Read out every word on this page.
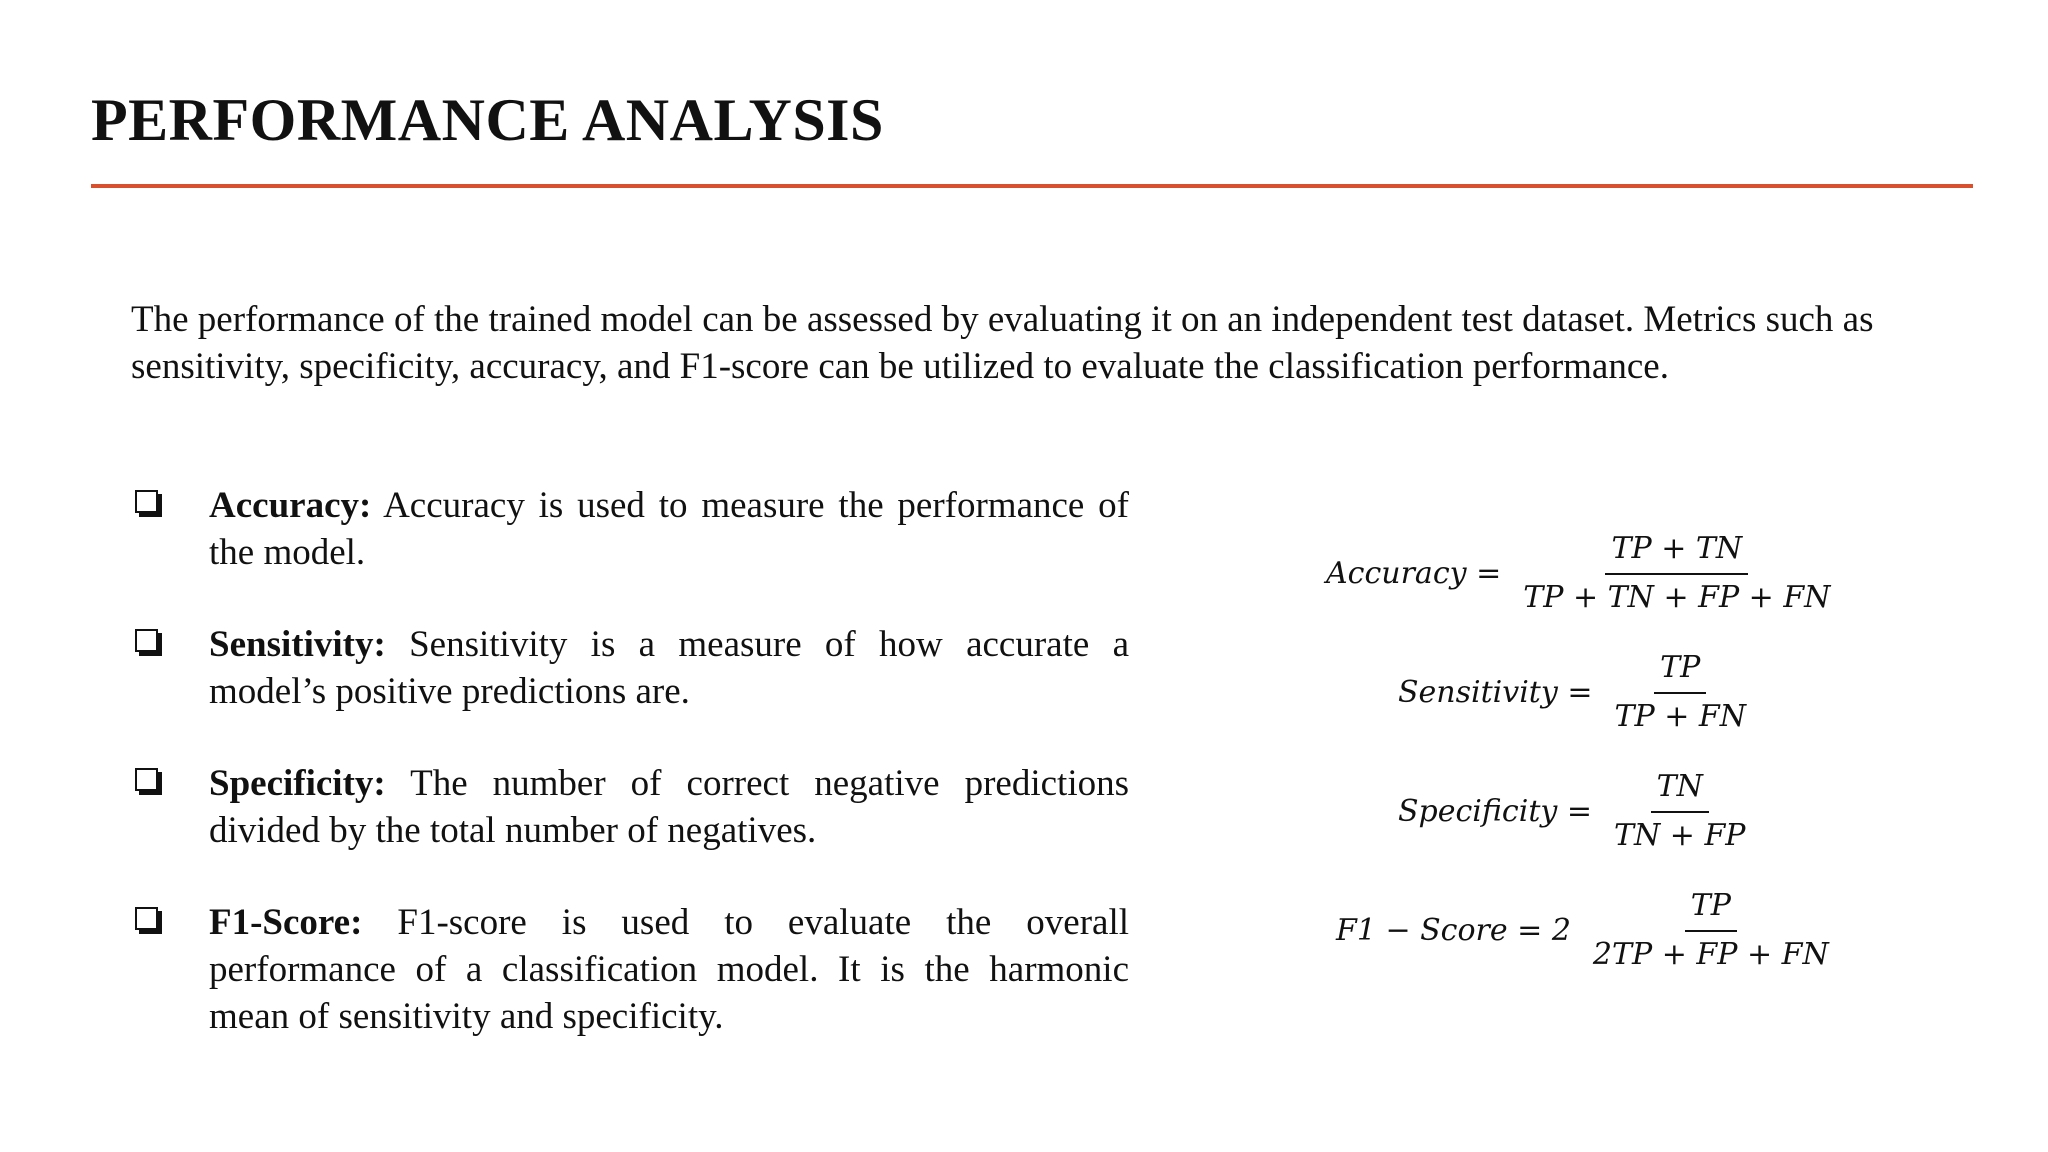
PERFORMANCE ANALYSIS
The performance of the trained model can be assessed by evaluating it on an independent test dataset. Metrics such as sensitivity, specificity, accuracy, and F1-score can be utilized to evaluate the classification performance.
Accuracy: Accuracy is used to measure the performance of the model.
Sensitivity: Sensitivity is a measure of how accurate a model’s positive predictions are.
Specificity: The number of correct negative predictions divided by the total number of negatives.
F1-Score: F1-score is used to evaluate the overall performance of a classification model. It is the harmonic mean of sensitivity and specificity.
Accuracy = $\frac{TP + TN}{TP + TN + FP + FN}$
Sensitivity = $\frac{TP}{TP + FN}$
Specificity = $\frac{TN}{TN + FP}$
F1 − Score = $2 \frac{TP}{2TP + FP + FN}$
